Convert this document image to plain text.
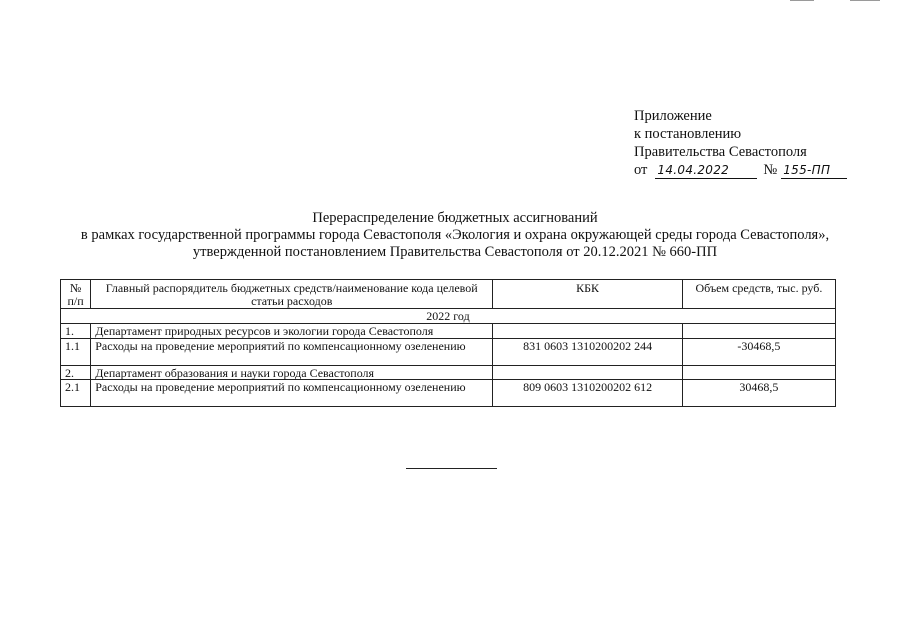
Приложение
к постановлению
Правительства Севастополя
от 14.04.2022	№ 155-ПП
Перераспределение бюджетных ассигнований
в рамках государственной программы города Севастополя «Экология и охрана окружающей среды города Севастополя»,
утвержденной постановлением Правительства Севастополя от 20.12.2021 № 660-ПП
№ п/п	Главный распорядитель бюджетных средств/наименование кода целевой статьи расходов	КБК	Объем средств, тыс. руб.
2022 год			
1.	Департамент природных ресурсов и экологии города Севастополя		
1.1	Расходы на проведение мероприятий по компенсационному озеленению	831 0603 1310200202 244	-30468,5
2.	Департамент образования и науки города Севастополя		
2.1	Расходы на проведение мероприятий по компенсационному озеленению	809 0603 1310200202 612	30468,5
